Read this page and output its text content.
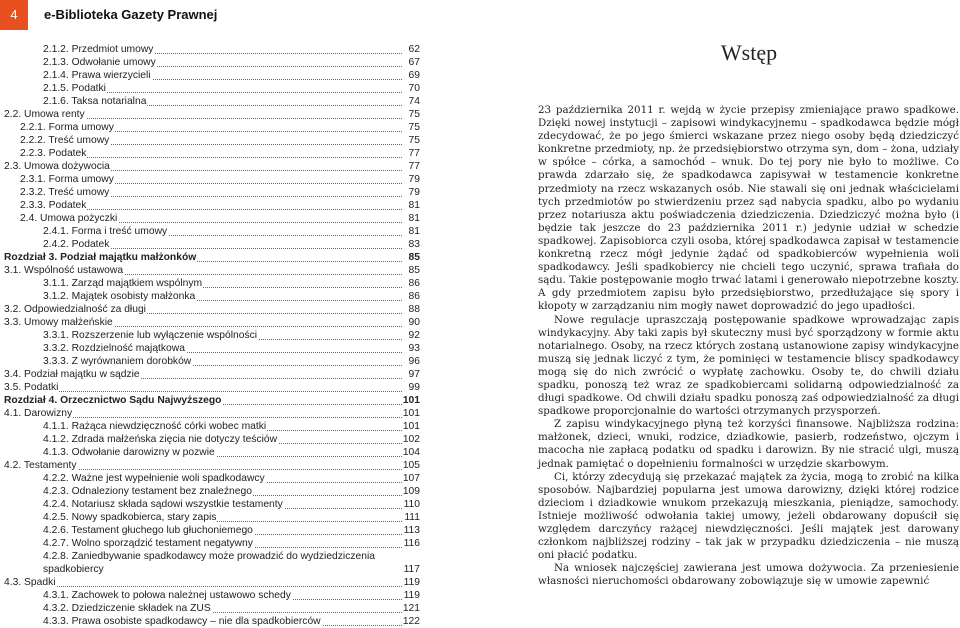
4	e-Biblioteka Gazety Prawnej
2.1.2. Przedmiot umowy	62
2.1.3. Odwołanie umowy	67
2.1.4. Prawa wierzycieli	69
2.1.5. Podatki	70
2.1.6. Taksa notarialna	74
2.2. Umowa renty	75
2.2.1. Forma umowy	75
2.2.2. Treść umowy	75
2.2.3. Podatek	77
2.3. Umowa dożywocia	77
2.3.1. Forma umowy	79
2.3.2. Treść umowy	79
2.3.3. Podatek	81
2.4. Umowa pożyczki	81
2.4.1. Forma i treść umowy	81
2.4.2. Podatek	83
Rozdział 3. Podział majątku małżonków	85
3.1. Wspólność ustawowa	85
3.1.1. Zarząd majątkiem wspólnym	86
3.1.2. Majątek osobisty małżonka	86
3.2. Odpowiedzialność za długi	88
3.3. Umowy małżeńskie	90
3.3.1. Rozszerzenie lub wyłączenie wspólności	92
3.3.2. Rozdzielność majątkowa	93
3.3.3. Z wyrównaniem dorobków	96
3.4. Podział majątku w sądzie	97
3.5. Podatki	99
Rozdział 4. Orzecznictwo Sądu Najwyższego	101
4.1. Darowizny	101
4.1.1. Rażąca niewdzięczność córki wobec matki	101
4.1.2. Zdrada małżeńska zięcia nie dotyczy teściów	102
4.1.3. Odwołanie darowizny w pozwie	104
4.2. Testamenty	105
4.2.2. Ważne jest wypełnienie woli spadkodawcy	107
4.2.3. Odnaleziony testament bez znaleźnego	109
4.2.4. Notariusz składa sądowi wszystkie testamenty	110
4.2.5. Nowy spadkobierca, stary zapis	111
4.2.6. Testament głuchego lub głuchoniemego	113
4.2.7. Wolno sporządzić testament negatywny	116
4.2.8. Zaniedbywanie spadkodawcy może prowadzić do wydziedziczenia spadkobiercy	117
4.3. Spadki	119
4.3.1. Zachowek to połowa należnej ustawowo schedy	119
4.3.2. Dziedziczenie składek na ZUS	121
4.3.3. Prawa osobiste spadkodawcy – nie dla spadkobierców	122
Wstęp

23 października 2011 r. wejdą w życie przepisy zmieniające prawo spadkowe. Dzięki nowej instytucji – zapisowi windykacyjnemu – spadkodawca będzie mógł zdecydować, że po jego śmierci wskazane przez niego osoby będą dziedziczyć konkretne przedmioty, np. że przedsiębiorstwo otrzyma syn, dom – żona, udziały w spółce – córka, a samochód – wnuk. Do tej pory nie było to możliwe. Co prawda zdarzało się, że spadkodawca zapisywał w testamencie konkretne przedmioty na rzecz wskazanych osób. Nie stawali się oni jednak właścicielami tych przedmiotów po stwierdzeniu przez sąd nabycia spadku, albo po wydaniu przez notariusza aktu poświadczenia dziedziczenia. Dziedziczyć można było (i będzie tak jeszcze do 23 października 2011 r.) jedynie udział w schedzie spadkowej. Zapisobiorca czyli osoba, której spadkodawca zapisał w testamencie konkretną rzecz mógł jedynie żądać od spadkobierców wypełnienia woli spadkodawcy. Jeśli spadkobiercy nie chcieli tego uczynić, sprawa trafiała do sądu. Takie postępowanie mogło trwać latami i generowało niepotrzebne koszty. A gdy przedmiotem zapisu było przedsiębiorstwo, przedłużające się spory i kłopoty w zarządzaniu nim mogły nawet doprowadzić do jego upadłości.

Nowe regulacje upraszczają postępowanie spadkowe wprowadzając zapis windykacyjny. Aby taki zapis był skuteczny musi być sporządzony w formie aktu notarialnego. Osoby, na rzecz których zostaną ustanowione zapisy windykacyjne muszą się jednak liczyć z tym, że pominięci w testamencie bliscy spadkodawcy mogą się do nich zwrócić o wypłatę zachowku. Osoby te, do chwili działu spadku, ponoszą też wraz ze spadkobiercami solidarną odpowiedzialność za długi spadkowe. Od chwili działu spadku ponoszą zaś odpowiedzialność za długi spadkowe proporcjonalnie do wartości otrzymanych przysporzeń.

Z zapisu windykacyjnego płyną też korzyści finansowe. Najbliższa rodzina: małżonek, dzieci, wnuki, rodzice, dziadkowie, pasierb, rodzeństwo, ojczym i macocha nie zapłacą podatku od spadku i darowizn. By nie stracić ulgi, muszą jednak pamiętać o dopełnieniu formalności w urzędzie skarbowym.

Ci, którzy zdecydują się przekazać majątek za życia, mogą to zrobić na kilka sposobów. Najbardziej popularna jest umowa darowizny, dzięki której rodzice dzieciom i dziadkowie wnukom przekazują mieszkania, pieniądze, samochody. Istnieje możliwość odwołania takiej umowy, jeżeli obdarowany dopuścił się względem darczyńcy rażącej niewdzięczności. Jeśli majątek jest darowany członkom najbliższej rodziny – tak jak w przypadku dziedziczenia – nie muszą oni płacić podatku.

Na wniosek najczęściej zawierana jest umowa dożywocia. Za przeniesienie własności nieruchomości obdarowany zobowiązuje się w umowie zapewnić
